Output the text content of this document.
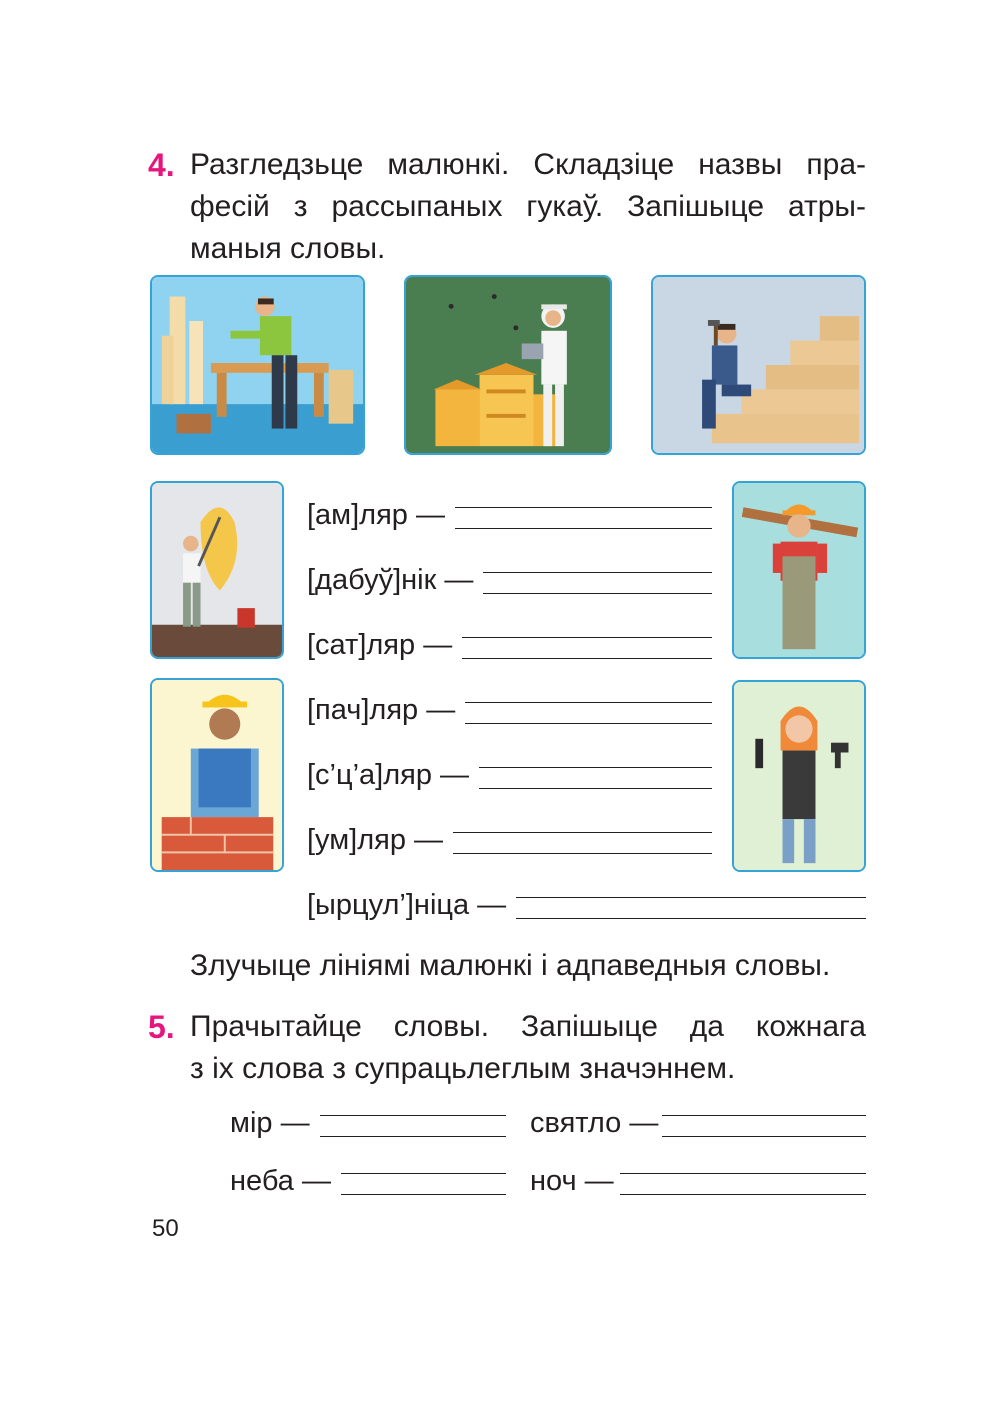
4. Разгледзьце малюнкі. Складзіце назвы пра-
фесій з рассыпаных гукаў. Запішыце атры-
маныя словы.
[ам]ляр —
[дабуў]нік —
[сат]ляр —
[пач]ляр —
[с’ц’а]ляр —
[ум]ляр —
[ырцул’]ніца —
Злучыце лініямі малюнкі і адпаведныя словы.
5. Прачытайце словы. Запішыце да кожнага
з іх слова з супрацьлеглым значэннем.
мір —	святло —
неба —	ноч —
50
